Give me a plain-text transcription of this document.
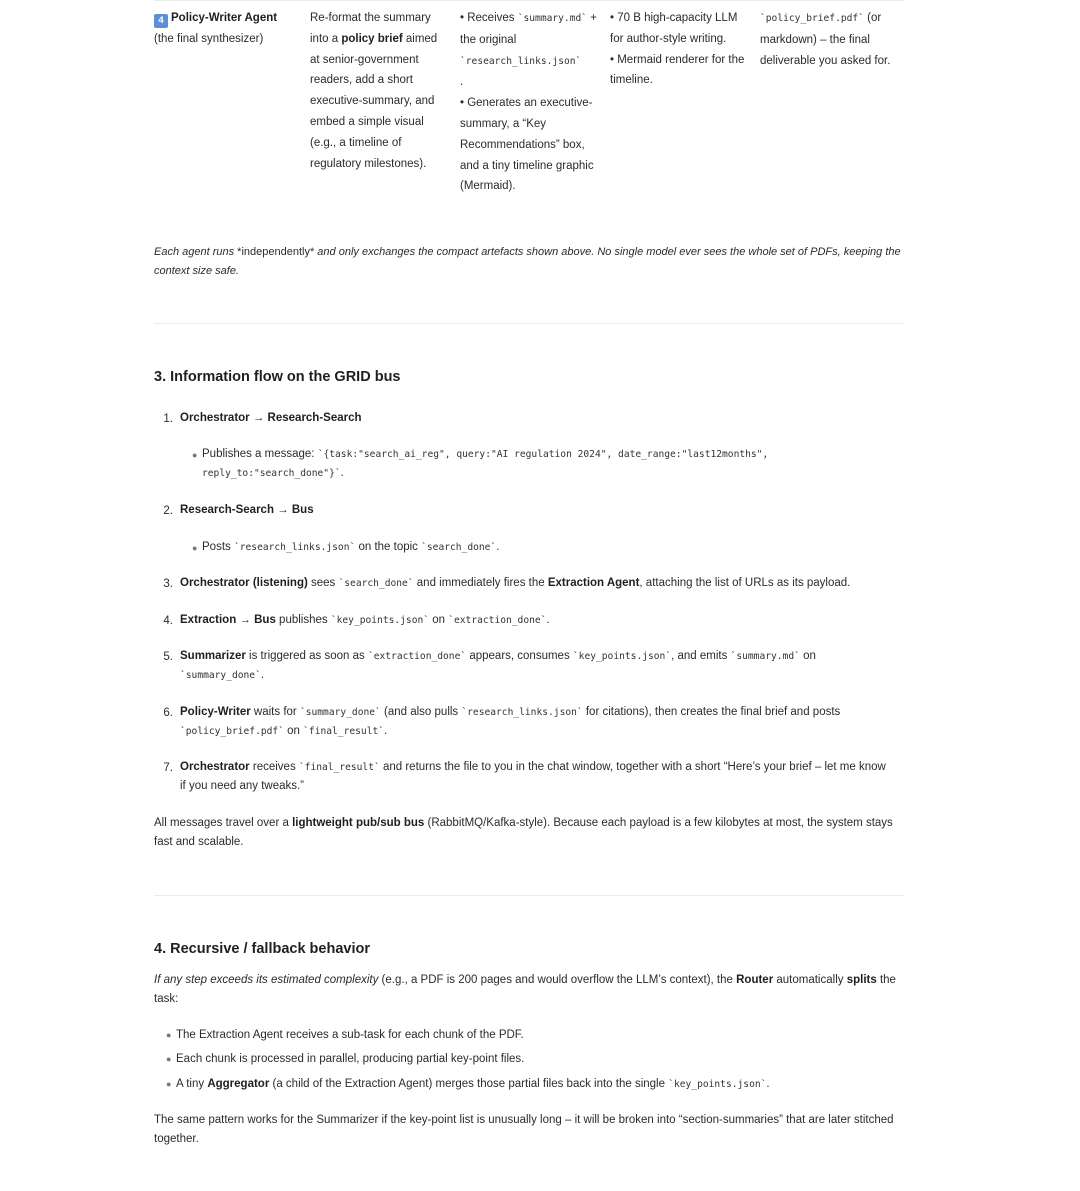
4 Policy-Writer Agent
(the final synthesizer)
Re-format the summary into a policy brief aimed at senior-government readers, add a short executive-summary, and embed a simple visual (e.g., a timeline of regulatory milestones).
• Receives `summary.md` + the original `research_links.json`
.
• Generates an executive-summary, a “Key Recommendations” box, and a tiny timeline graphic (Mermaid).
• 70 B high-capacity LLM for author-style writing.
• Mermaid renderer for the timeline.
`policy_brief.pdf` (or markdown) – the final deliverable you asked for.
Each agent runs *independently* and only exchanges the compact artefacts shown above. No single model ever sees the whole set of PDFs, keeping the context size safe.
3. Information flow on the GRID bus
1. Orchestrator → Research-Search
● Publishes a message: `{task:"search_ai_reg", query:"AI regulation 2024", date_range:"last12months",
reply_to:"search_done"}`.
2. Research-Search → Bus
● Posts `research_links.json` on the topic `search_done`.
3. Orchestrator (listening) sees `search_done` and immediately fires the Extraction Agent, attaching the list of URLs as its payload.
4. Extraction → Bus publishes `key_points.json` on `extraction_done`.
5. Summarizer is triggered as soon as `extraction_done` appears, consumes `key_points.json`, and emits `summary.md` on
`summary_done`.
6. Policy-Writer waits for `summary_done` (and also pulls `research_links.json` for citations), then creates the final brief and posts
`policy_brief.pdf` on `final_result`.
7. Orchestrator receives `final_result` and returns the file to you in the chat window, together with a short “Here’s your brief – let me know
if you need any tweaks.”
All messages travel over a lightweight pub/sub bus (RabbitMQ/Kafka-style). Because each payload is a few kilobytes at most, the system stays fast and scalable.
4. Recursive / fallback behavior
If any step exceeds its estimated complexity (e.g., a PDF is 200 pages and would overflow the LLM’s context), the Router automatically splits the task:
● The Extraction Agent receives a sub-task for each chunk of the PDF.
● Each chunk is processed in parallel, producing partial key-point files.
● A tiny Aggregator (a child of the Extraction Agent) merges those partial files back into the single `key_points.json`.
The same pattern works for the Summarizer if the key-point list is unusually long – it will be broken into “section-summaries” that are later stitched together.
